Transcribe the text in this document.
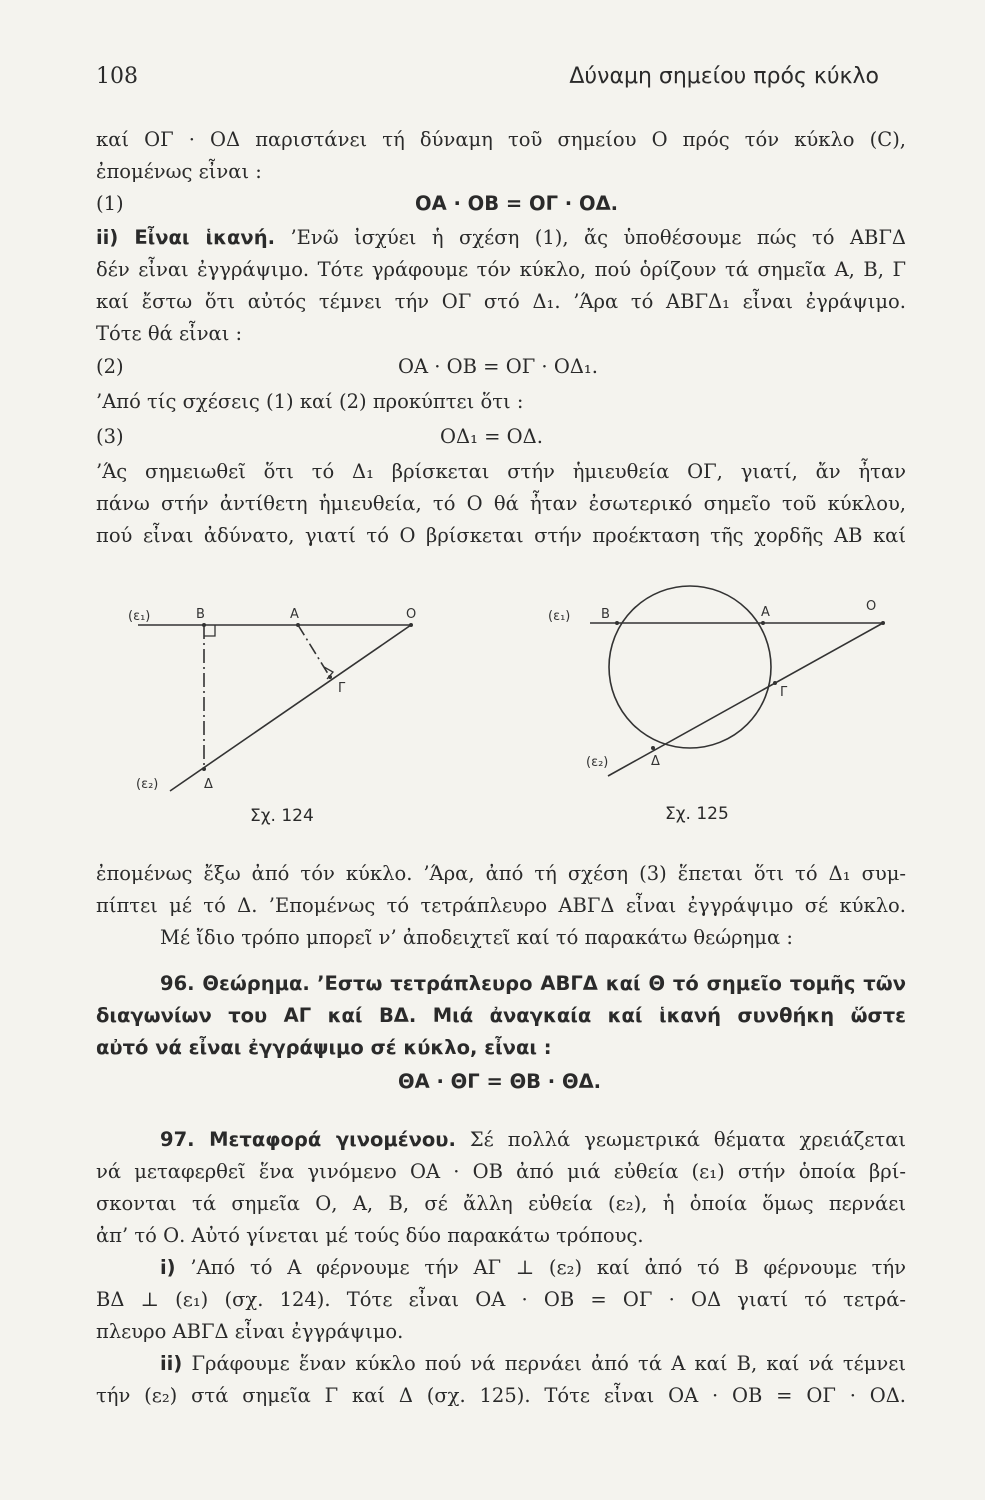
108	Δύναμη σημείου πρός κύκλο
καί ΟΓ · ΟΔ παριστάνει τή δύναμη τοῦ σημείου Ο πρός τόν κύκλο (C),
ἐπομένως εἶναι :
(1)	ΟΑ · ΟΒ = ΟΓ · ΟΔ.
ii) Εἶναι ἱκανή. ’Ενῶ ἰσχύει ἡ σχέση (1), ἄς ὑποθέσουμε πώς τό ΑΒΓΔ
δέν εἶναι ἐγγράψιμο. Τότε γράφουμε τόν κύκλο, πού ὁρίζουν τά σημεῖα Α, Β, Γ
καί ἔστω ὅτι αὐτός τέμνει τήν ΟΓ στό Δ₁. ’Άρα τό ΑΒΓΔ₁ εἶναι ἐγράψιμο.
Τότε θά εἶναι :
(2)	ΟΑ · ΟΒ = ΟΓ · ΟΔ₁.
’Από τίς σχέσεις (1) καί (2) προκύπτει ὅτι :
(3)	ΟΔ₁ = ΟΔ.
’Άς σημειωθεῖ ὅτι τό Δ₁ βρίσκεται στήν ἡμιευθεία ΟΓ, γιατί, ἄν ἦταν
πάνω στήν ἀντίθετη ἡμιευθεία, τό Ο θά ἦταν ἐσωτερικό σημεῖο τοῦ κύκλου,
πού εἶναι ἀδύνατο, γιατί τό Ο βρίσκεται στήν προέκταση τῆς χορδῆς ΑΒ καί
(ε₁)	Β	Α	Ο
Γ
Δ
(ε₂)
Σχ. 124
(ε₁) Β	Α	Ο
Γ
Δ
(ε₂)
Σχ. 125
ἐπομένως ἔξω ἀπό τόν κύκλο. ’Άρα, ἀπό τή σχέση (3) ἕπεται ὅτι τό Δ₁ συμ-
πίπτει μέ τό Δ. ’Επομένως τό τετράπλευρο ΑΒΓΔ εἶναι ἐγγράψιμο σέ κύκλο.
Μέ ἴδιο τρόπο μπορεῖ ν’ ἀποδειχτεῖ καί τό παρακάτω θεώρημα :
96. Θεώρημα. ’Εστω τετράπλευρο ΑΒΓΔ καί Θ τό σημεῖο τομῆς τῶν
διαγωνίων του ΑΓ καί ΒΔ. Μιά ἀναγκαία καί ἱκανή συνθήκη ὥστε
αὐτό νά εἶναι ἐγγράψιμο σέ κύκλο, εἶναι :
ΘΑ · ΘΓ = ΘΒ · ΘΔ.
97. Μεταφορά γινομένου. Σέ πολλά γεωμετρικά θέματα χρειάζεται
νά μεταφερθεῖ ἕνα γινόμενο ΟΑ · ΟΒ ἀπό μιά εὐθεία (ε₁) στήν ὁποία βρί-
σκονται τά σημεῖα Ο, Α, Β, σέ ἄλλη εὐθεία (ε₂), ἡ ὁποία ὅμως περνάει
ἀπ’ τό Ο. Αὐτό γίνεται μέ τούς δύο παρακάτω τρόπους.
i) ’Από τό Α φέρνουμε τήν ΑΓ ⊥ (ε₂) καί ἀπό τό Β φέρνουμε τήν
ΒΔ ⊥ (ε₁) (σχ. 124). Τότε εἶναι ΟΑ · ΟΒ = ΟΓ · ΟΔ γιατί τό τετρά-
πλευρο ΑΒΓΔ εἶναι ἐγγράψιμο.
ii) Γράφουμε ἕναν κύκλο πού νά περνάει ἀπό τά Α καί Β, καί νά τέμνει
τήν (ε₂) στά σημεῖα Γ καί Δ (σχ. 125). Τότε εἶναι ΟΑ · ΟΒ = ΟΓ · ΟΔ.
